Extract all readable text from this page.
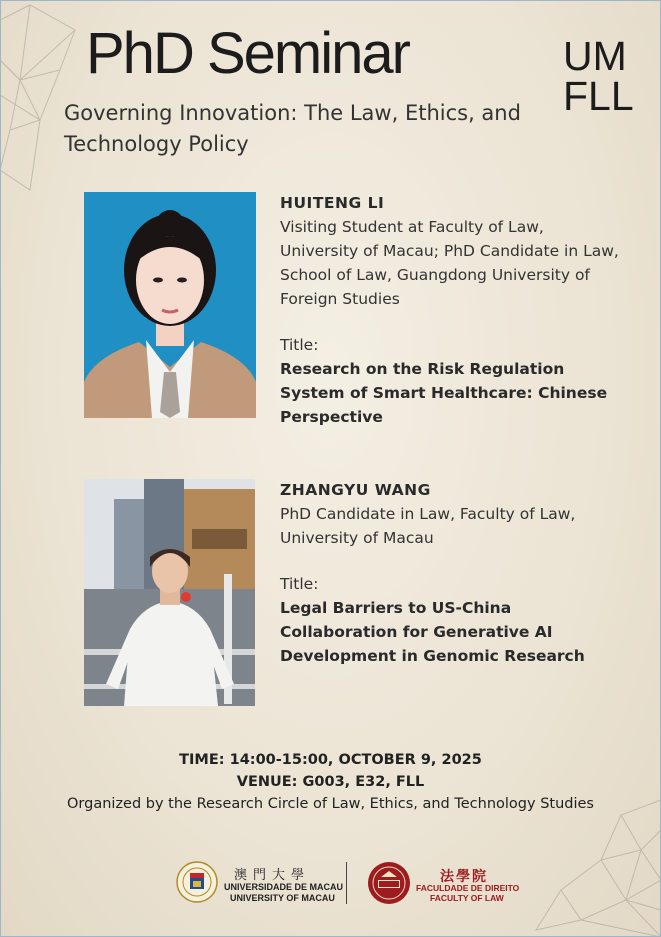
PhD Seminar
Governing Innovation: The Law, Ethics, and Technology Policy
UM
FLL
HUITENG LI
Visiting Student at Faculty of Law, University of Macau; PhD Candidate in Law, School of Law, Guangdong University of Foreign Studies
Title:
Research on the Risk Regulation System of Smart Healthcare: Chinese Perspective
ZHANGYU WANG
PhD Candidate in Law, Faculty of Law, University of Macau
Title:
Legal Barriers to US-China Collaboration for Generative AI Development in Genomic Research
TIME: 14:00-15:00, OCTOBER 9, 2025
VENUE: G003, E32, FLL
Organized by the Research Circle of Law, Ethics, and Technology Studies
澳門大學
UNIVERSIDADE DE MACAU
UNIVERSITY OF MACAU
法學院
FACULDADE DE DIREITO
FACULTY OF LAW
